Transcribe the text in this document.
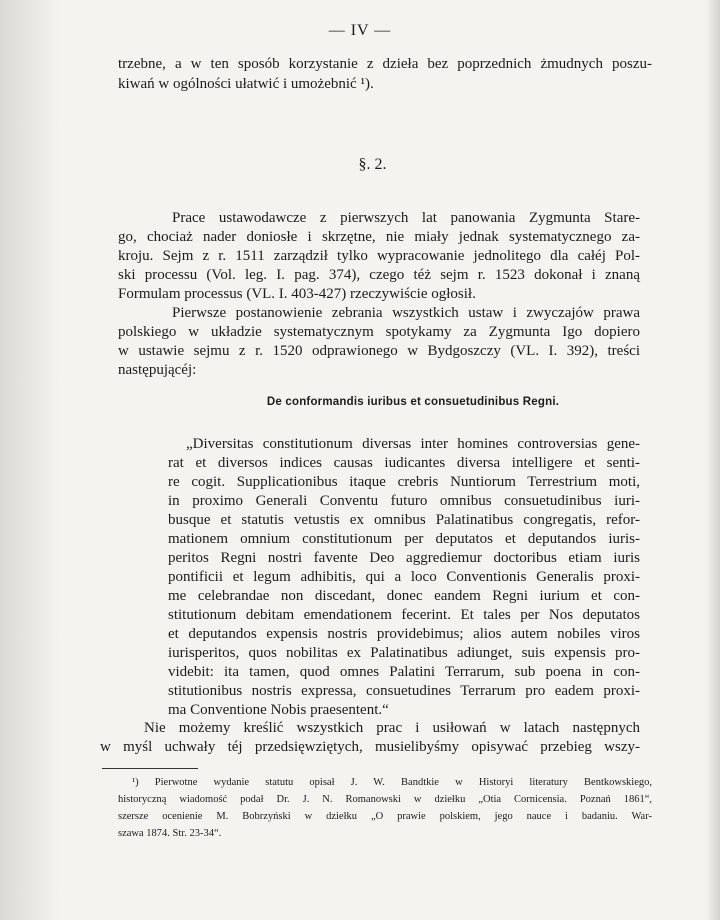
— IV —
trzebne, a w ten sposób korzystanie z dzieła bez poprzednich żmudnych poszu-
kiwań w ogólności ułatwić i umożebnić ¹).
§. 2.
Prace ustawodawcze z pierwszych lat panowania Zygmunta Stare-
go, chociaż nader doniosłe i skrzętne, nie miały jednak systematycznego za-
kroju. Sejm z r. 1511 zarządził tylko wypracowanie jednolitego dla całéj Pol-
ski processu (Vol. leg. I. pag. 374), czego téż sejm r. 1523 dokonał i znaną
Formulam processus (VL. I. 403-427) rzeczywiście ogłosił.
Pierwsze postanowienie zebrania wszystkich ustaw i zwyczajów prawa
polskiego w układzie systematycznym spotykamy za Zygmunta Igo dopiero
w ustawie sejmu z r. 1520 odprawionego w Bydgoszczy (VL. I. 392), treści
następującéj:
De conformandis iuribus et consuetudinibus Regni.
„Diversitas constitutionum diversas inter homines controversias gene-
rat et diversos indices causas iudicantes diversa intelligere et senti-
re cogit. Supplicationibus itaque crebris Nuntiorum Terrestrium moti,
in proximo Generali Conventu futuro omnibus consuetudinibus iuri-
busque et statutis vetustis ex omnibus Palatinatibus congregatis, refor-
mationem omnium constitutionum per deputatos et deputandos iuris-
peritos Regni nostri favente Deo aggrediemur doctoribus etiam iuris
pontificii et legum adhibitis, qui a loco Conventionis Generalis proxi-
me celebrandae non discedant, donec eandem Regni iurium et con-
stitutionum debitam emendationem fecerint. Et tales per Nos deputatos
et deputandos expensis nostris providebimus; alios autem nobiles viros
iurisperitos, quos nobilitas ex Palatinatibus adiunget, suis expensis pro-
videbit: ita tamen, quod omnes Palatini Terrarum, sub poena in con-
stitutionibus nostris expressa, consuetudines Terrarum pro eadem proxi-
ma Conventione Nobis praesentent.“
Nie możemy kreślić wszystkich prac i usiłowań w latach następnych
w myśl uchwały téj przedsięwziętych, musielibyśmy opisywać przebieg wszy-
¹) Pierwotne wydanie statutu opisał J. W. Bandtkie w Historyi literatury Bentkowskiego,
historyczną wiadomość podał Dr. J. N. Romanowski w dziełku „Otia Cornicensia. Poznań 1861“,
szersze ocenienie M. Bobrzyński w dziełku „O prawie polskiem, jego nauce i badaniu. War-
szawa 1874. Str. 23-34“.
